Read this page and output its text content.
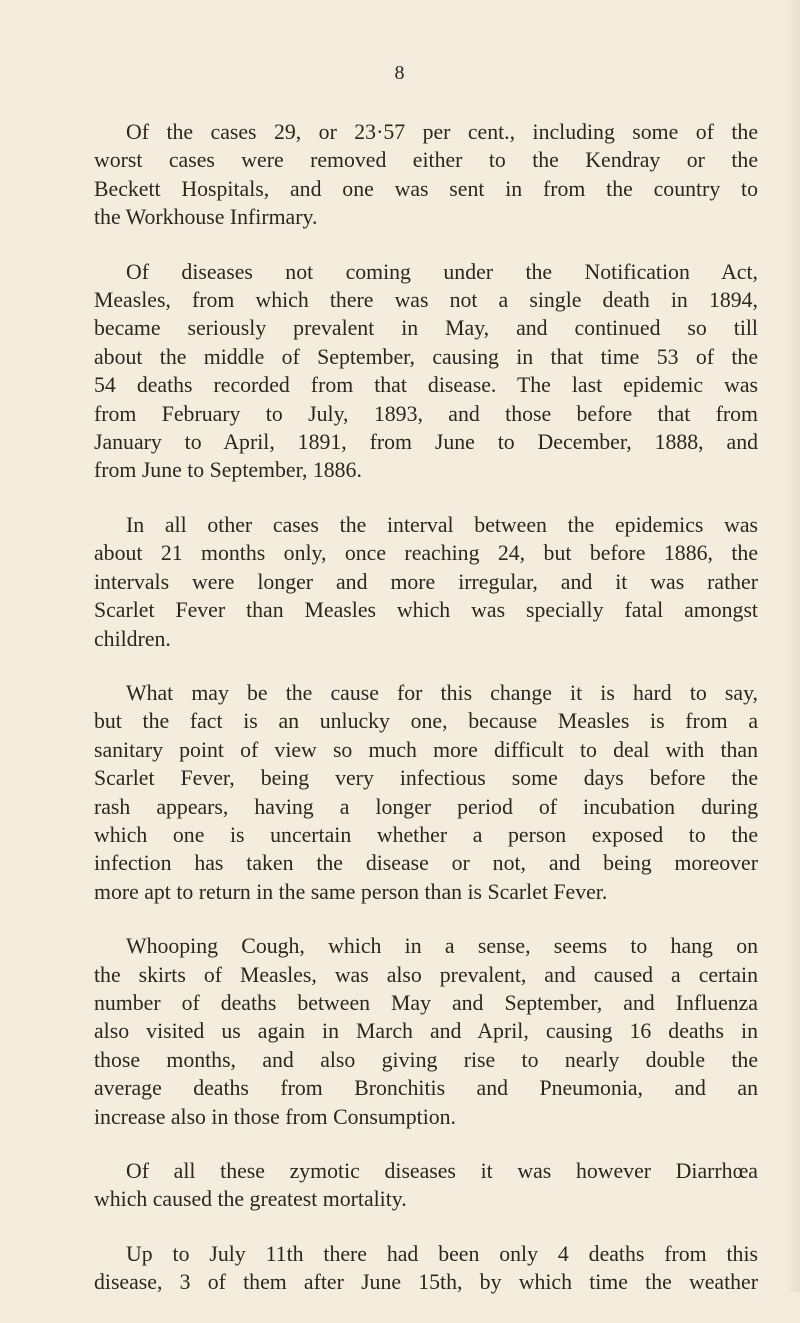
8

Of the cases 29, or 23·57 per cent., including some of the
worst cases were removed either to the Kendray or the
Beckett Hospitals, and one was sent in from the country to
the Workhouse Infirmary.

Of diseases not coming under the Notification Act,
Measles, from which there was not a single death in 1894,
became seriously prevalent in May, and continued so till
about the middle of September, causing in that time 53 of the
54 deaths recorded from that disease. The last epidemic was
from February to July, 1893, and those before that from
January to April, 1891, from June to December, 1888, and
from June to September, 1886.

In all other cases the interval between the epidemics was
about 21 months only, once reaching 24, but before 1886, the
intervals were longer and more irregular, and it was rather
Scarlet Fever than Measles which was specially fatal amongst
children.

What may be the cause for this change it is hard to say,
but the fact is an unlucky one, because Measles is from a
sanitary point of view so much more difficult to deal with than
Scarlet Fever, being very infectious some days before the
rash appears, having a longer period of incubation during
which one is uncertain whether a person exposed to the
infection has taken the disease or not, and being moreover
more apt to return in the same person than is Scarlet Fever.

Whooping Cough, which in a sense, seems to hang on
the skirts of Measles, was also prevalent, and caused a certain
number of deaths between May and September, and Influenza
also visited us again in March and April, causing 16 deaths in
those months, and also giving rise to nearly double the
average deaths from Bronchitis and Pneumonia, and an
increase also in those from Consumption.

Of all these zymotic diseases it was however Diarrhœa
which caused the greatest mortality.

Up to July 11th there had been only 4 deaths from this
disease, 3 of them after June 15th, by which time the weather
